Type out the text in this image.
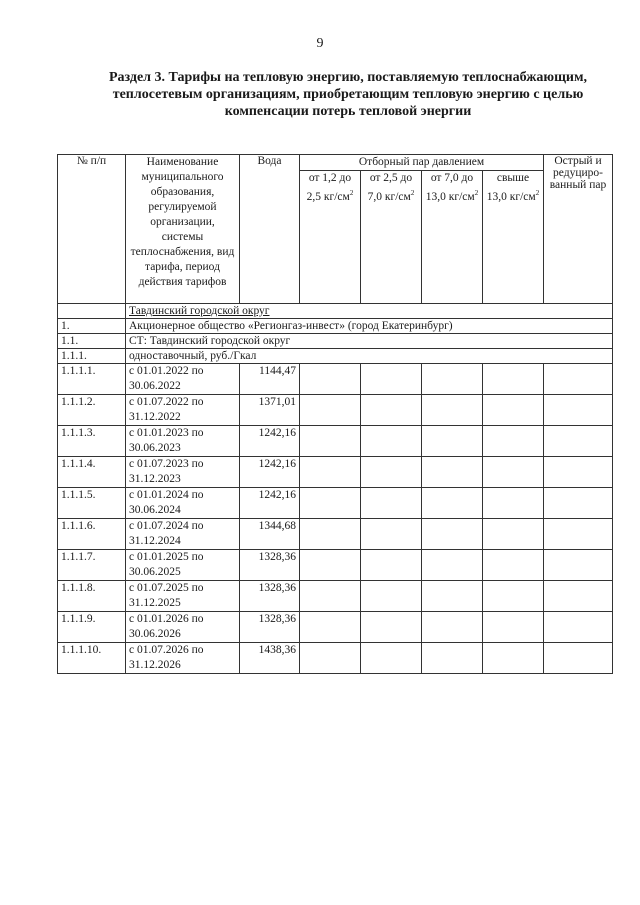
9
Раздел 3. Тарифы на тепловую энергию, поставляемую теплоснабжающим, теплосетевым организациям, приобретающим тепловую энергию с целью компенсации потерь тепловой энергии
№ п/п	Наименование муниципального образования, регулируемой организации, системы теплоснабжения, вид тарифа, период действия тарифов	Вода	Отборный пар давлением				Острый и редуциро-ванный пар
			от 1,2 до 2,5 $кг/см^2$	от 2,5 до 7,0 $кг/см^2$	от 7,0 до 13,0 $кг/см^2$	свыше 13,0 $кг/см^2$
	Тавдинский городской округ						
1.	Акционерное общество «Регионгаз-инвест» (город Екатеринбург)						
1.1.	СТ: Тавдинский городской округ						
1.1.1.	одноставочный, руб./Гкал						
1.1.1.1.	с 01.01.2022 по 30.06.2022	1144,47					
1.1.1.2.	с 01.07.2022 по 31.12.2022	1371,01					
1.1.1.3.	с 01.01.2023 по 30.06.2023	1242,16					
1.1.1.4.	с 01.07.2023 по 31.12.2023	1242,16					
1.1.1.5.	с 01.01.2024 по 30.06.2024	1242,16					
1.1.1.6.	с 01.07.2024 по 31.12.2024	1344,68					
1.1.1.7.	с 01.01.2025 по 30.06.2025	1328,36					
1.1.1.8.	с 01.07.2025 по 31.12.2025	1328,36					
1.1.1.9.	с 01.01.2026 по 30.06.2026	1328,36					
1.1.1.10.	с 01.07.2026 по 31.12.2026	1438,36					
